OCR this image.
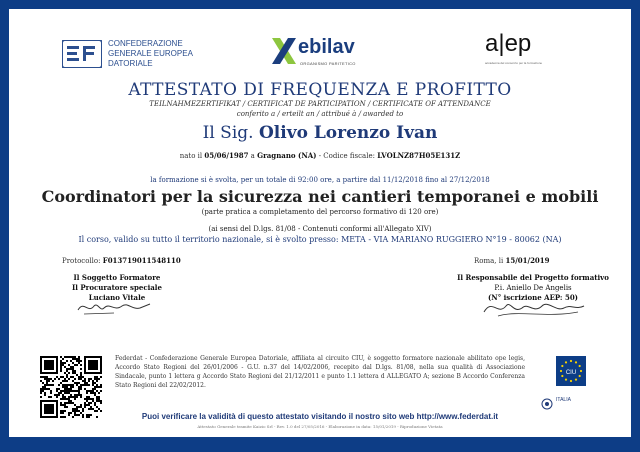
CONFEDERAZIONE
GENERALE EUROPEA
DATORIALE
ebilav
ORGANISMO PARITETICO
a|ep
accademia del consorzio per la formazione
ATTESTATO DI FREQUENZA E PROFITTO
TEILNAHMEZERTIFIKAT / CERTIFICAT DE PARTICIPATION / CERTIFICATE OF ATTENDANCE
conferito a / erteilt an / attribué à / awarded to
Il Sig. Olivo Lorenzo Ivan
nato il 05/06/1987 a Gragnano (NA) - Codice fiscale: LVOLNZ87H05E131Z
la formazione si è svolta, per un totale di 92:00 ore, a partire dal 11/12/2018 fino al 27/12/2018
Coordinatori per la sicurezza nei cantieri temporanei e mobili
(parte pratica a completamento del percorso formativo di 120 ore)
(ai sensi del D.lgs. 81/08 - Contenuti conformi all'Allegato XIV)
Il corso, valido su tutto il territorio nazionale, si è svolto presso: META - VIA MARIANO RUGGIERO N°19 - 80062 (NA)
Protocollo: F013719011548110	Roma, li 15/01/2019
Il Soggetto Formatore
Il Procuratore speciale
Luciano Vitale
Il Responsabile del Progetto formativo
P.i. Aniello De Angelis
(N° iscrizione AEP: 50)
Federdat - Confederazione Generale Europea Datoriale, affiliata al circuito CIU, è soggetto formatore nazionale abilitato ope legis, Accordo Stato Regioni del 26/01/2006 - G.U. n.37 del 14/02/2006, recepito dal D.lgs. 81/08, nella sua qualità di Associazione Sindacale, punto 1 lettera g Accordo Stato Regioni del 21/12/2011 e punto 1.1 lettera d ALLEGATO A; sezione B Accordo Conferenza Stato Regioni del 22/02/2012.
CIU
ITALIA
Puoi verificare la validità di questo attestato visitando il nostro sito web http://www.federdat.it
Attestato Generale tramite Kaizio Srl - Rev. 1.0 del 27/05/2016 - Elaborazione in data: 15/01/2019 - Riproduzione Vietata
